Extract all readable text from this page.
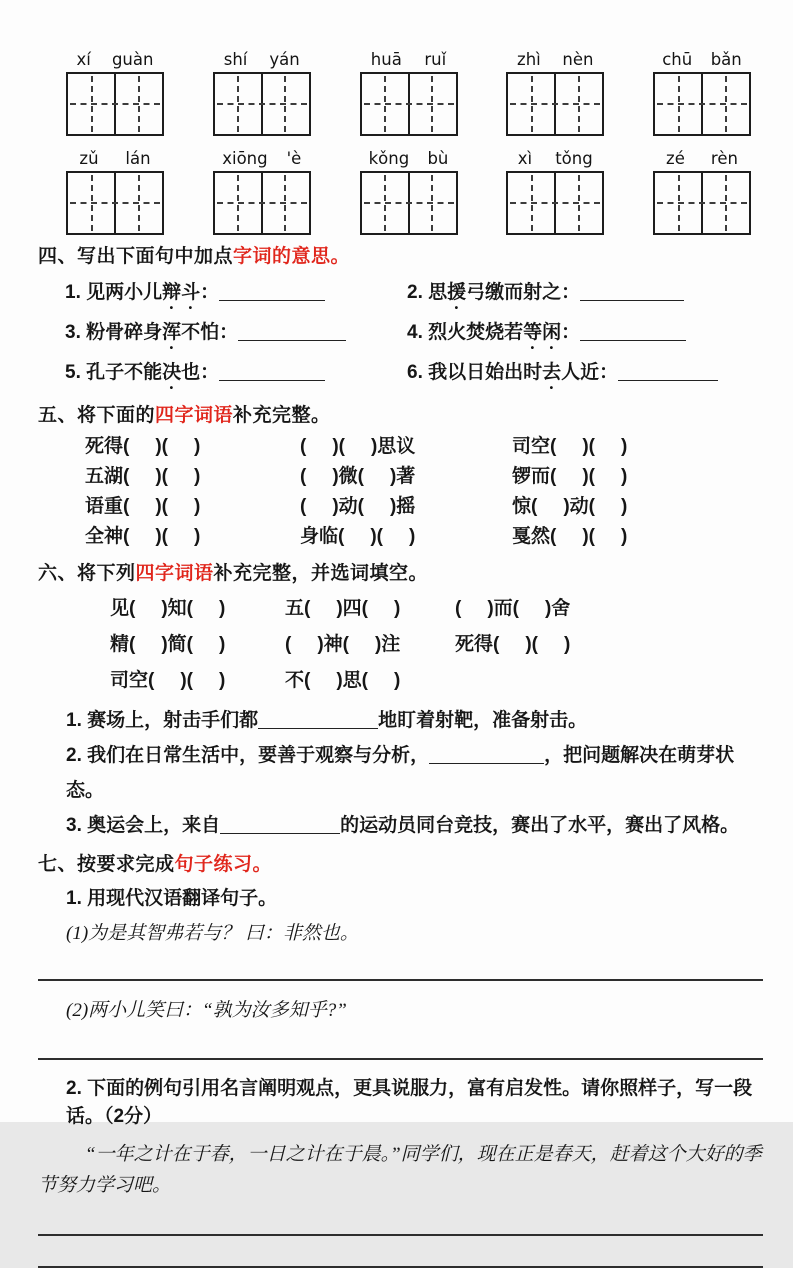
xí guàn	shí yán	huā ruǐ	zhì nèn	chū bǎn
zǔ lán	xiōng 'è	kǒng bù	xì tǒng	zé rèn
四、写出下面句中加点字词的意思。
1. 见两小儿辩斗：	2. 思援弓缴而射之：
3. 粉骨碎身浑不怕：	4. 烈火焚烧若等闲：
5. 孔子不能决也：	6. 我以日始出时去人近：
五、将下面的四字词语补充完整。
死得( )( )	( )( )思议	司空( )( )
五湖( )( )	( )微( )著	锣而( )( )
语重( )( )	( )动( )摇	惊( )动( )
全神( )( )	身临( )( )	戛然( )( )
六、将下列四字词语补充完整，并选词填空。
见( )知( )	五( )四( )	( )而( )舍
精( )简( )	( )神( )注	死得( )( )
司空( )( )	不( )思( )
1. 赛场上，射击手们都	地盯着射靶，准备射击。
2. 我们在日常生活中，要善于观察与分析，	，把问题解决在萌芽状态。
3. 奥运会上，来自	的运动员同台竞技，赛出了水平，赛出了风格。
七、按要求完成句子练习。
1. 用现代汉语翻译句子。
(1)为是其智弗若与？ 曰：非然也。
(2)两小儿笑曰：“孰为汝多知乎?”
2. 下面的例句引用名言阐明观点，更具说服力，富有启发性。请你照样子，写一段话。（2分）
“一年之计在于春，一日之计在于晨。”同学们，现在正是春天，赶着这个大好的季节努力学习吧。
